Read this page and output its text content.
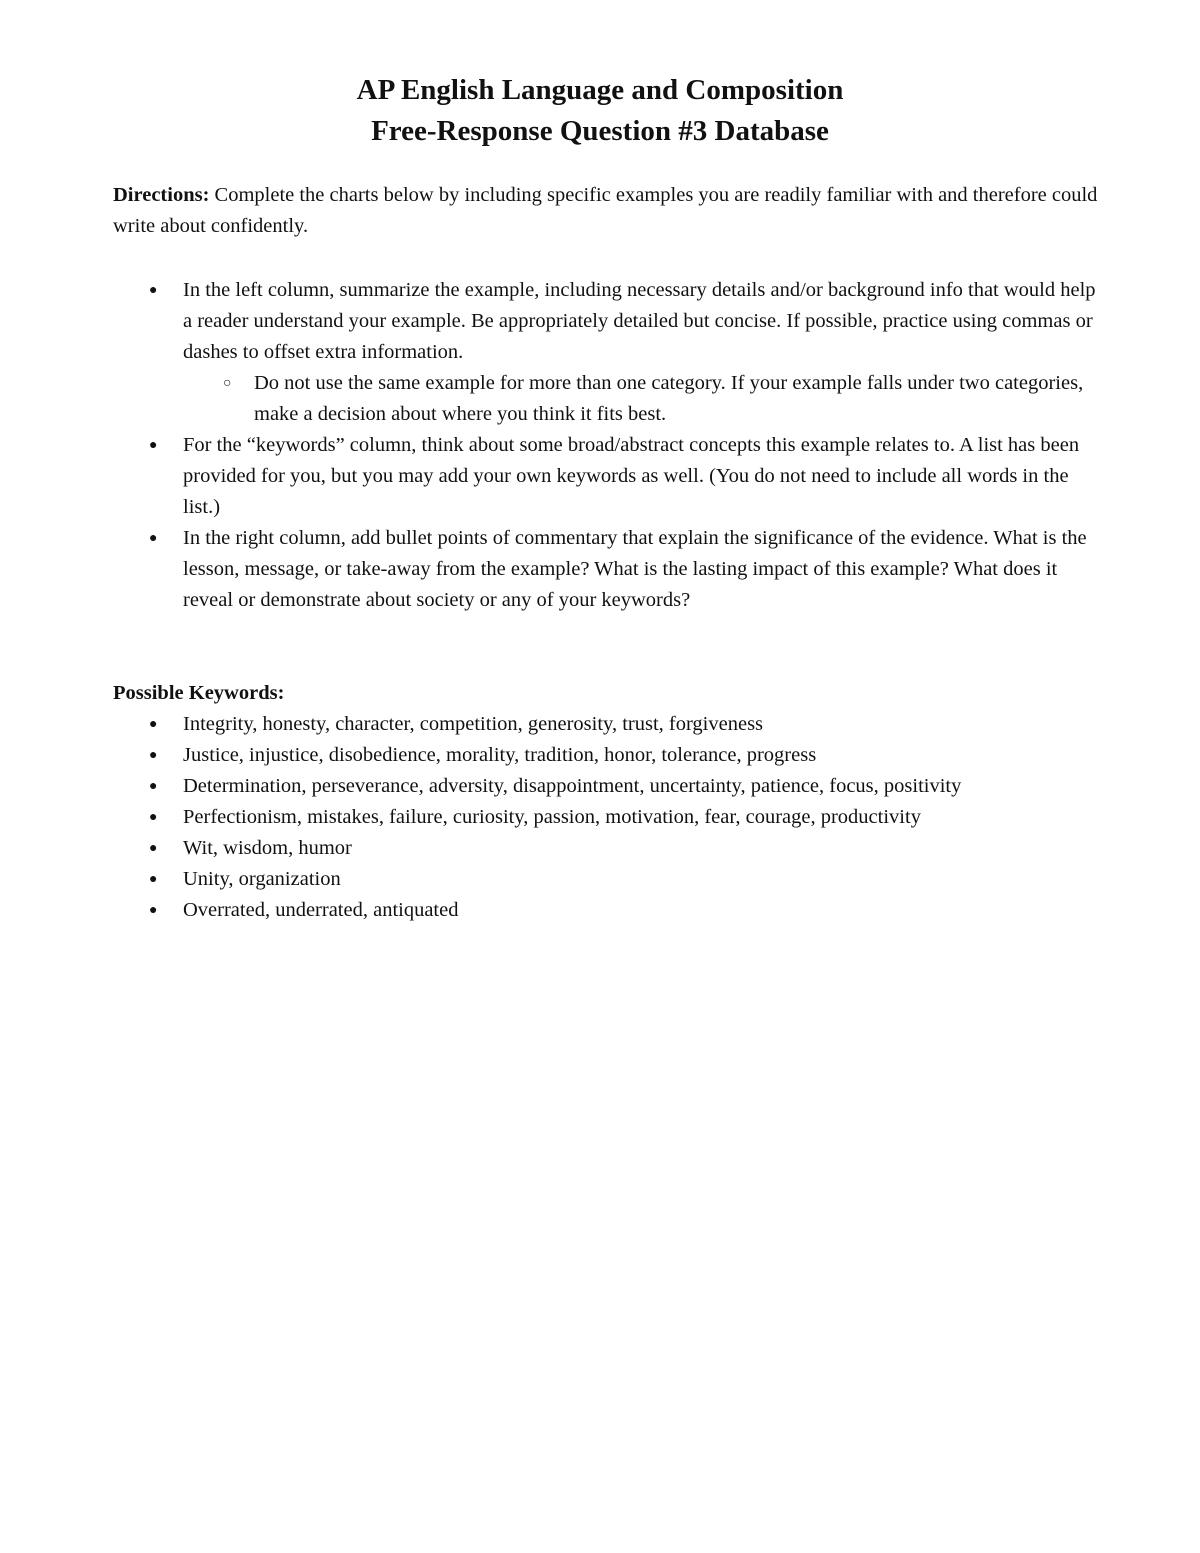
AP English Language and Composition
Free-Response Question #3 Database
Directions: Complete the charts below by including specific examples you are readily familiar with and therefore could write about confidently.
● In the left column, summarize the example, including necessary details and/or background info that would help a reader understand your example. Be appropriately detailed but concise. If possible, practice using commas or dashes to offset extra information.
○ Do not use the same example for more than one category. If your example falls under two categories, make a decision about where you think it fits best.
● For the “keywords” column, think about some broad/abstract concepts this example relates to. A list has been provided for you, but you may add your own keywords as well. (You do not need to include all words in the list.)
● In the right column, add bullet points of commentary that explain the significance of the evidence. What is the lesson, message, or take-away from the example? What is the lasting impact of this example? What does it reveal or demonstrate about society or any of your keywords?
Possible Keywords:
● Integrity, honesty, character, competition, generosity, trust, forgiveness
● Justice, injustice, disobedience, morality, tradition, honor, tolerance, progress
● Determination, perseverance, adversity, disappointment, uncertainty, patience, focus, positivity
● Perfectionism, mistakes, failure, curiosity, passion, motivation, fear, courage, productivity
● Wit, wisdom, humor
● Unity, organization
● Overrated, underrated, antiquated
